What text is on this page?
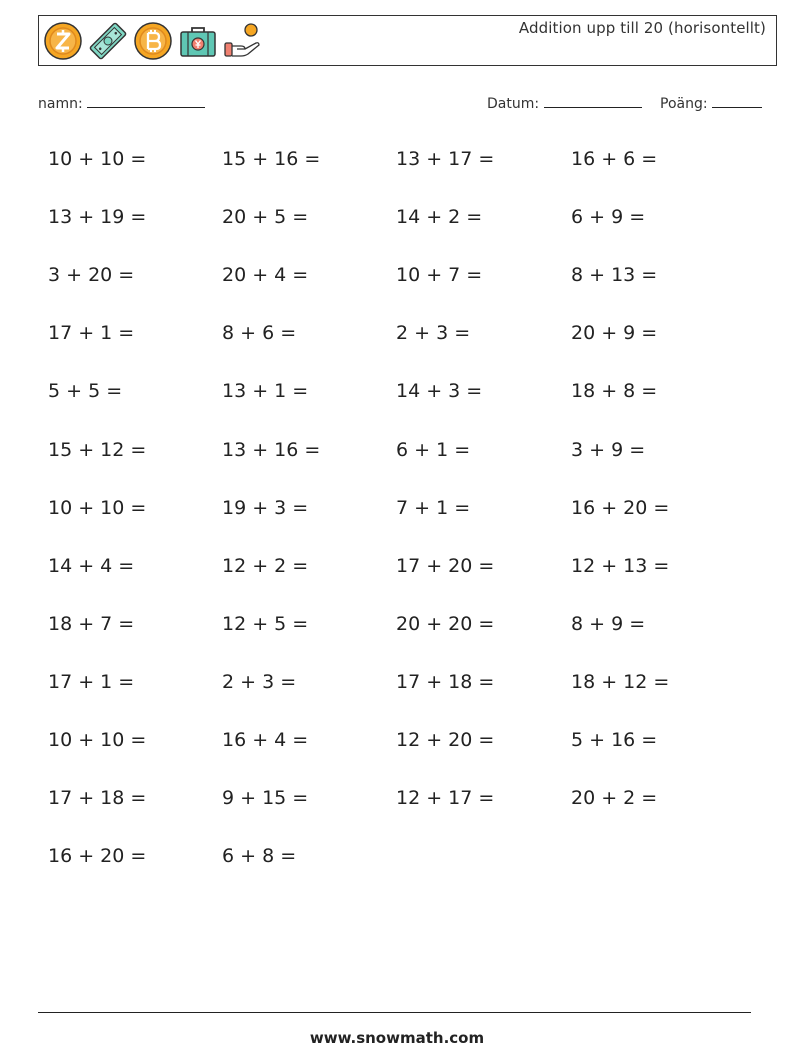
Addition upp till 20 (horisontellt)
namn:	Datum:	Poäng:
10 + 10 =	15 + 16 =	13 + 17 =	16 + 6 =
13 + 19 =	20 + 5 =	14 + 2 =	6 + 9 =
3 + 20 =	20 + 4 =	10 + 7 =	8 + 13 =
17 + 1 =	8 + 6 =	2 + 3 =	20 + 9 =
5 + 5 =	13 + 1 =	14 + 3 =	18 + 8 =
15 + 12 =	13 + 16 =	6 + 1 =	3 + 9 =
10 + 10 =	19 + 3 =	7 + 1 =	16 + 20 =
14 + 4 =	12 + 2 =	17 + 20 =	12 + 13 =
18 + 7 =	12 + 5 =	20 + 20 =	8 + 9 =
17 + 1 =	2 + 3 =	17 + 18 =	18 + 12 =
10 + 10 =	16 + 4 =	12 + 20 =	5 + 16 =
17 + 18 =	9 + 15 =	12 + 17 =	20 + 2 =
16 + 20 =	6 + 8 =
www.snowmath.com
